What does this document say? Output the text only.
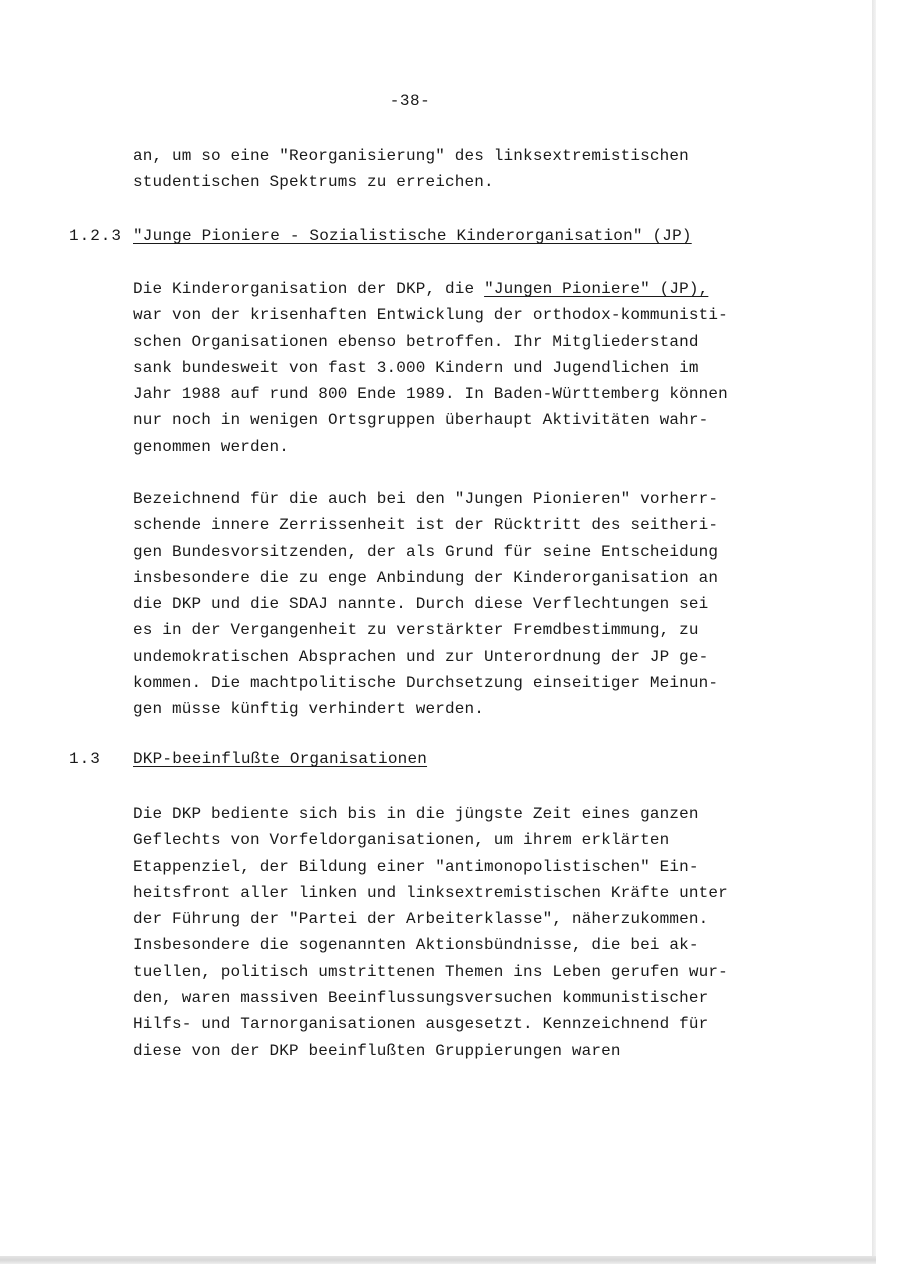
-38-
an, um so eine "Reorganisierung" des linksextremistischen
studentischen Spektrums zu erreichen.
1.2.3 "Junge Pioniere - Sozialistische Kinderorganisation" (JP)
Die Kinderorganisation der DKP, die "Jungen Pioniere" (JP),
war von der krisenhaften Entwicklung der orthodox-kommunisti-
schen Organisationen ebenso betroffen. Ihr Mitgliederstand
sank bundesweit von fast 3.000 Kindern und Jugendlichen im
Jahr 1988 auf rund 800 Ende 1989. In Baden-Württemberg können
nur noch in wenigen Ortsgruppen überhaupt Aktivitäten wahr-
genommen werden.
Bezeichnend für die auch bei den "Jungen Pionieren" vorherr-
schende innere Zerrissenheit ist der Rücktritt des seitheri-
gen Bundesvorsitzenden, der als Grund für seine Entscheidung
insbesondere die zu enge Anbindung der Kinderorganisation an
die DKP und die SDAJ nannte. Durch diese Verflechtungen sei
es in der Vergangenheit zu verstärkter Fremdbestimmung, zu
undemokratischen Absprachen und zur Unterordnung der JP ge-
kommen. Die machtpolitische Durchsetzung einseitiger Meinun-
gen müsse künftig verhindert werden.
1.3 DKP-beeinflußte Organisationen
Die DKP bediente sich bis in die jüngste Zeit eines ganzen
Geflechts von Vorfeldorganisationen, um ihrem erklärten
Etappenziel, der Bildung einer "antimonopolistischen" Ein-
heitsfront aller linken und linksextremistischen Kräfte unter
der Führung der "Partei der Arbeiterklasse", näherzukommen.
Insbesondere die sogenannten Aktionsbündnisse, die bei ak-
tuellen, politisch umstrittenen Themen ins Leben gerufen wur-
den, waren massiven Beeinflussungsversuchen kommunistischer
Hilfs- und Tarnorganisationen ausgesetzt. Kennzeichnend für
diese von der DKP beeinflußten Gruppierungen waren
